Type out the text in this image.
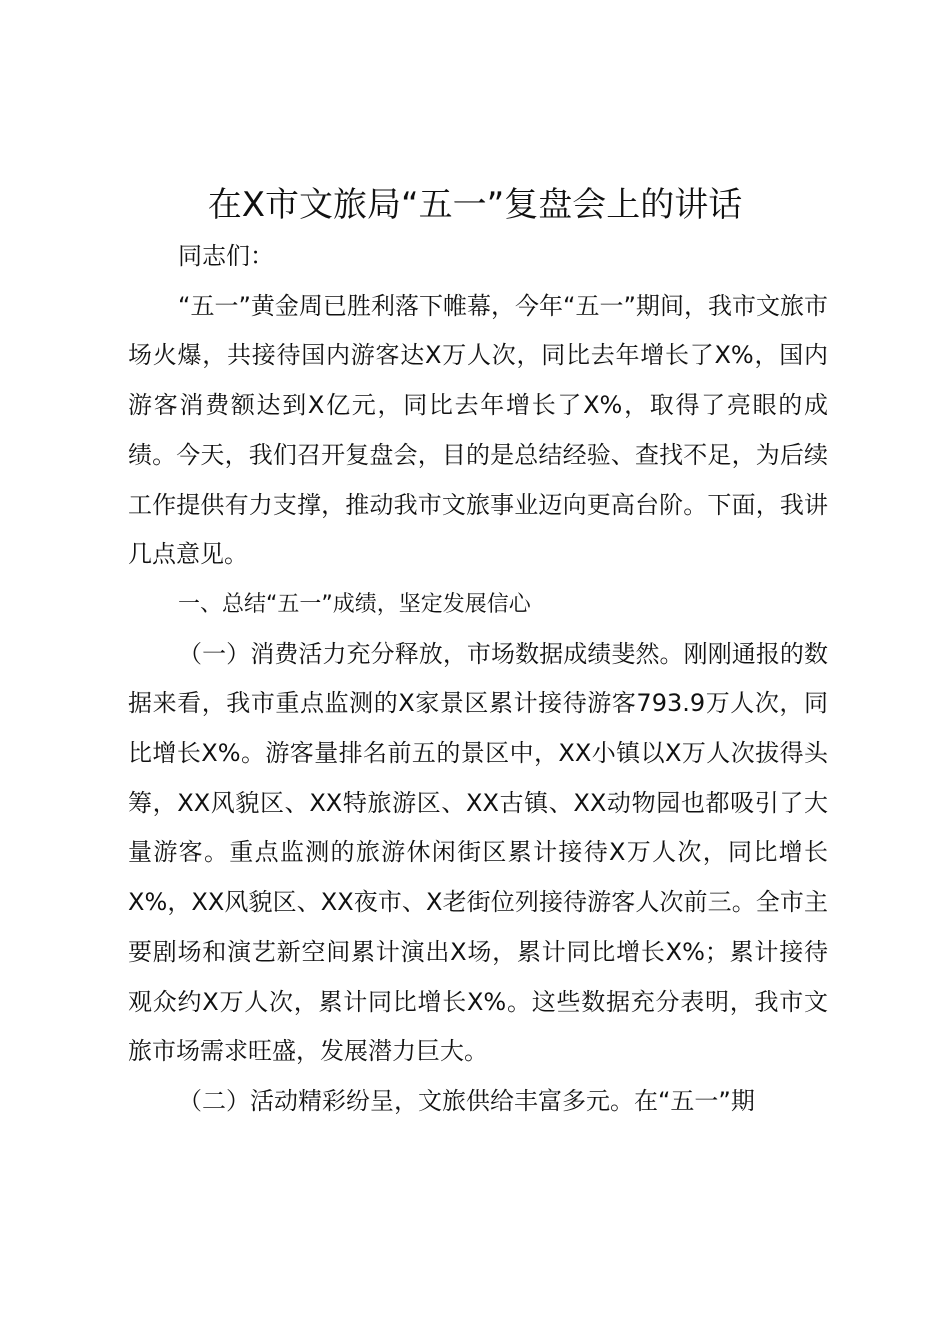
在X市文旅局“五一”复盘会上的讲话

同志们：

“五一”黄金周已胜利落下帷幕，今年“五一”期间，我市文旅市场火爆，共接待国内游客达X万人次，同比去年增长了X%，国内游客消费额达到X亿元，同比去年增长了X%，取得了亮眼的成绩。今天，我们召开复盘会，目的是总结经验、查找不足，为后续工作提供有力支撑，推动我市文旅事业迈向更高台阶。下面，我讲几点意见。

一、总结“五一”成绩，坚定发展信心

（一）消费活力充分释放，市场数据成绩斐然。刚刚通报的数据来看，我市重点监测的X家景区累计接待游客793.9万人次，同比增长X%。游客量排名前五的景区中，XX小镇以X万人次拔得头筹，XX风貌区、XX特旅游区、XX古镇、XX动物园也都吸引了大量游客。重点监测的旅游休闲街区累计接待X万人次，同比增长X%，XX风貌区、XX夜市、X老街位列接待游客人次前三。全市主要剧场和演艺新空间累计演出X场，累计同比增长X%；累计接待观众约X万人次，累计同比增长X%。这些数据充分表明，我市文旅市场需求旺盛，发展潜力巨大。

（二）活动精彩纷呈，文旅供给丰富多元。在“五一”期
